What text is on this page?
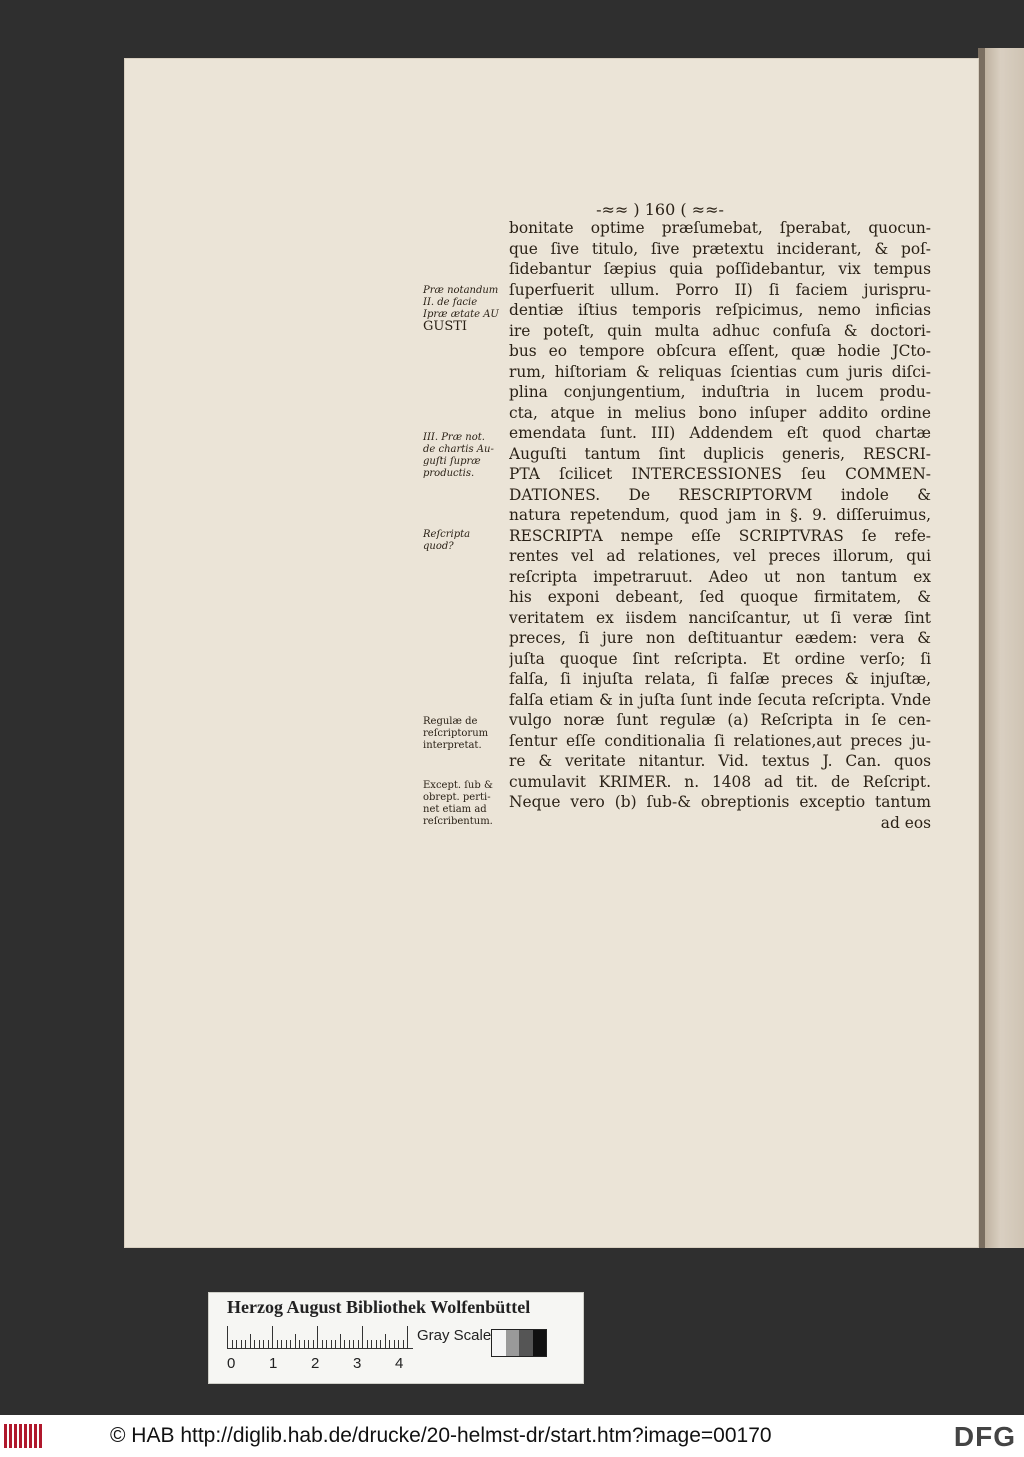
-≈≈ ) 160 ( ≈≈-
bonitate optime præſumebat, ſperabat, quocun-
que ſive titulo, ſive prætextu inciderant, & poſ-
ſidebantur ſæpius quia poſſidebantur, vix tempus
ſuperfuerit ullum. Porro II) ſi faciem jurispru-
dentiæ iſtius temporis reſpicimus, nemo inficias
ire poteſt, quin multa adhuc confuſa & doctori-
bus eo tempore obſcura eſſent, quæ hodie JCto-
rum, hiſtoriam & reliquas ſcientias cum juris diſci-
plina conjungentium, induſtria in lucem produ-
cta, atque in melius bono inſuper addito ordine
emendata ſunt. III) Addendem eſt quod chartæ
Auguſti tantum ſint duplicis generis, RESCRI-
PTA ſcilicet INTERCESSIONES ſeu COMMEN-
DATIONES. De RESCRIPTORVM indole &
natura repetendum, quod jam in §. 9. diſſeruimus,
RESCRIPTA nempe eſſe SCRIPTVRAS ſe refe-
rentes vel ad relationes, vel preces illorum, qui
reſcripta impetraruut. Adeo ut non tantum ex
his exponi debeant, ſed quoque firmitatem, &
veritatem ex iisdem nanciſcantur, ut ſi veræ ſint
preces, ſi jure non deſtituantur eædem: vera &
juſta quoque ſint reſcripta. Et ordine verſo; ſi
falſa, ſi injuſta relata, ſi falſæ preces & injuſtæ,
falſa etiam & in juſta ſunt inde ſecuta reſcripta. Vnde
vulgo noræ ſunt regulæ (a) Reſcripta in ſe cen-
ſentur eſſe conditionalia ſi relationes,aut preces ju-
re & veritate nitantur. Vid. textus J. Can. quos
cumulavit KRIMER. n. 1408 ad tit. de Reſcript.
Neque vero (b) ſub-& obreptionis exceptio tantum
ad eos
Præ notandum
II. de facie
Ipræ ætate AU
GUSTI
III. Præ not.
de chartis Au-
guſti ſupræ
productis.
Reſcripta
quod?
Regulæ de
reſcriptorum
interpretat.
Except. ſub &
obrept. perti-
net etiam ad
reſcribentum.
Herzog August Bibliothek Wolfenbüttel
0 1 2 3 4
Gray Scale
© HAB http://diglib.hab.de/drucke/20-helmst-dr/start.htm?image=00170	DFG
